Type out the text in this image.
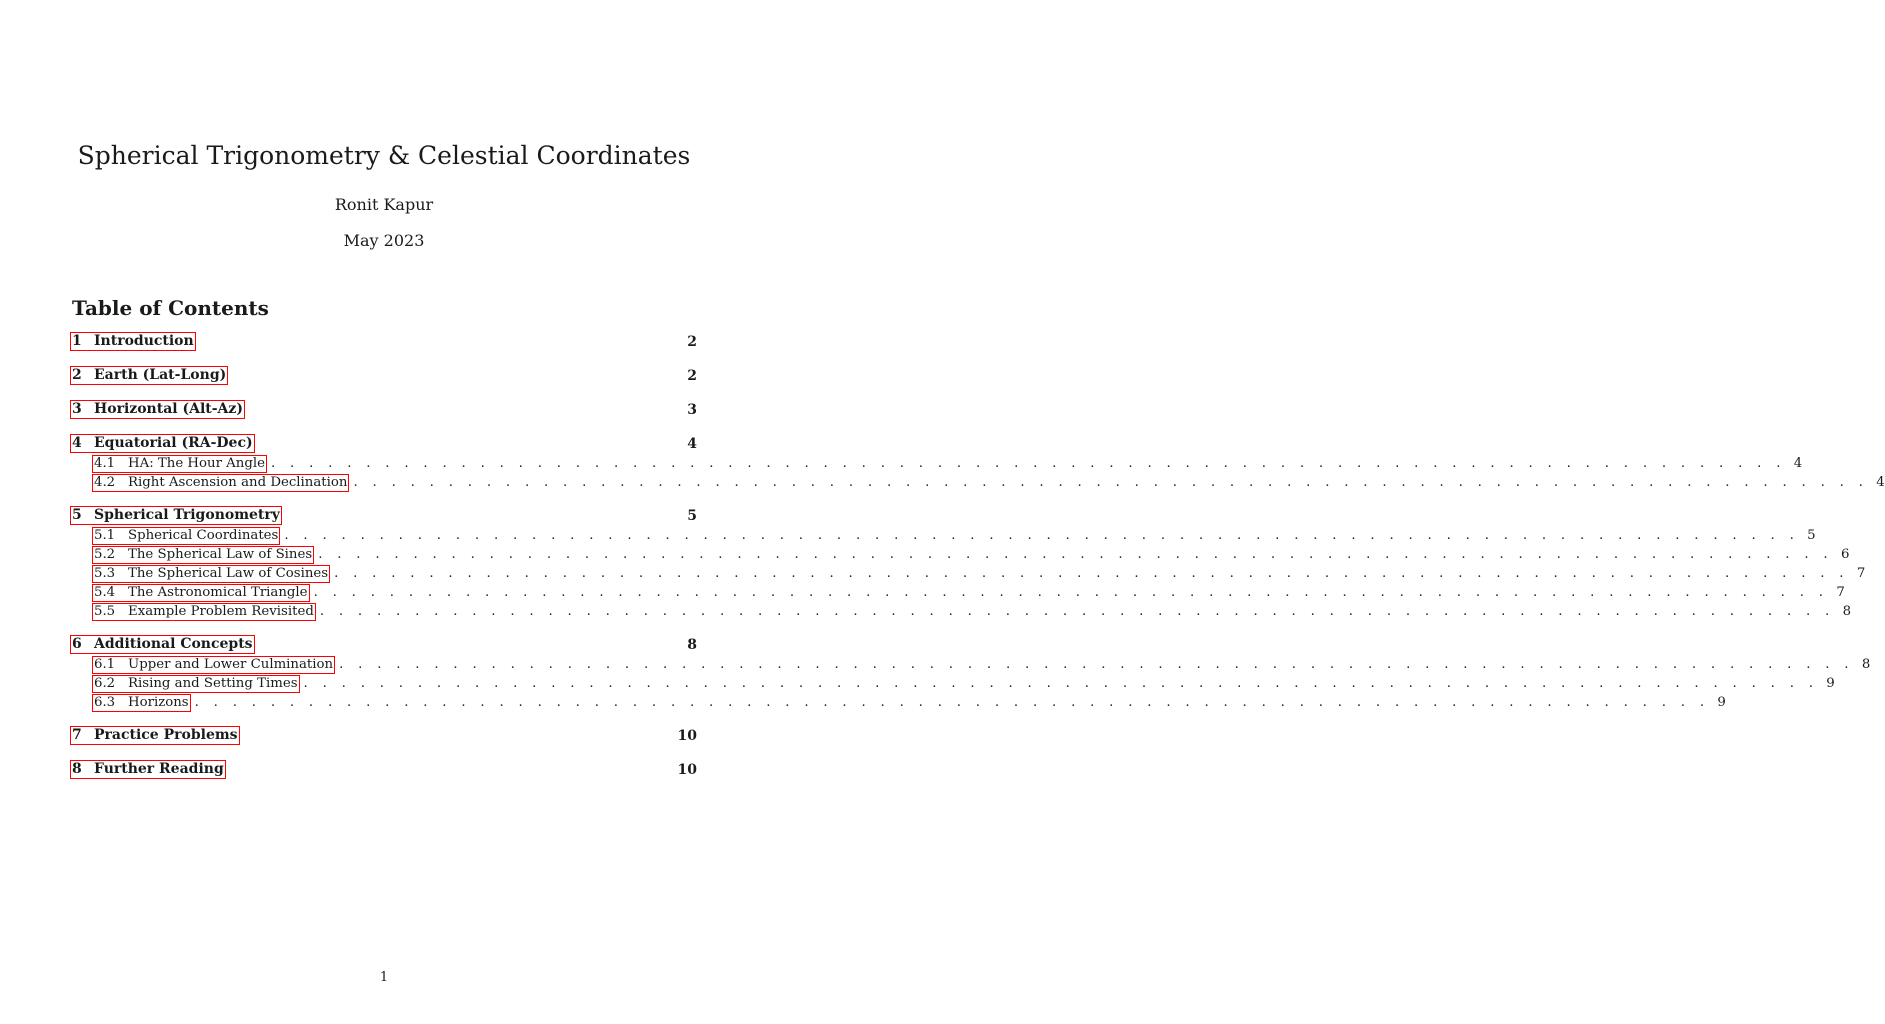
Spherical Trigonometry & Celestial Coordinates
Ronit Kapur
May 2023
Table of Contents
1 Introduction	2
2 Earth (Lat-Long)	2
3 Horizontal (Alt-Az)	3
4 Equatorial (RA-Dec)	4
4.1 HA: The Hour Angle . . . . . . . . . . . . . . . . . . . . . . . . . . . . . . . . . . . . . . . . . . . . . . . . . . . . . . . . . . . . . . . . . . . . . . . . . . . . . . . . 4
4.2 Right Ascension and Declination . . . . . . . . . . . . . . . . . . . . . . . . . . . . . . . . . . . . . . . . . . . . . . . . . . . . . . . . . . . . . . . . . . . . . . . . . . . . . . . . 4
5 Spherical Trigonometry	5
5.1 Spherical Coordinates . . . . . . . . . . . . . . . . . . . . . . . . . . . . . . . . . . . . . . . . . . . . . . . . . . . . . . . . . . . . . . . . . . . . . . . . . . . . . . . . 5
5.2 The Spherical Law of Sines . . . . . . . . . . . . . . . . . . . . . . . . . . . . . . . . . . . . . . . . . . . . . . . . . . . . . . . . . . . . . . . . . . . . . . . . . . . . . . . . 6
5.3 The Spherical Law of Cosines . . . . . . . . . . . . . . . . . . . . . . . . . . . . . . . . . . . . . . . . . . . . . . . . . . . . . . . . . . . . . . . . . . . . . . . . . . . . . . . . 7
5.4 The Astronomical Triangle . . . . . . . . . . . . . . . . . . . . . . . . . . . . . . . . . . . . . . . . . . . . . . . . . . . . . . . . . . . . . . . . . . . . . . . . . . . . . . . . 7
5.5 Example Problem Revisited . . . . . . . . . . . . . . . . . . . . . . . . . . . . . . . . . . . . . . . . . . . . . . . . . . . . . . . . . . . . . . . . . . . . . . . . . . . . . . . . 8
6 Additional Concepts	8
6.1 Upper and Lower Culmination . . . . . . . . . . . . . . . . . . . . . . . . . . . . . . . . . . . . . . . . . . . . . . . . . . . . . . . . . . . . . . . . . . . . . . . . . . . . . . . . 8
6.2 Rising and Setting Times . . . . . . . . . . . . . . . . . . . . . . . . . . . . . . . . . . . . . . . . . . . . . . . . . . . . . . . . . . . . . . . . . . . . . . . . . . . . . . . . 9
6.3 Horizons . . . . . . . . . . . . . . . . . . . . . . . . . . . . . . . . . . . . . . . . . . . . . . . . . . . . . . . . . . . . . . . . . . . . . . . . . . . . . . . . 9
7 Practice Problems	10
8 Further Reading	10
1
